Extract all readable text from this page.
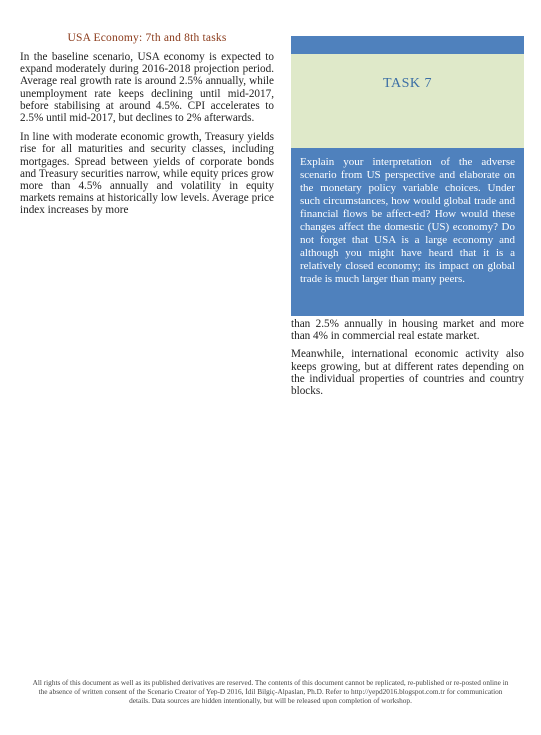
USA Economy: 7th and 8th tasks

In the baseline scenario, USA economy is expected to expand moderately during 2016-2018 projection period. Average real growth rate is around 2.5% annually, while unemployment rate keeps declining until mid-2017, before stabilising at around 4.5%. CPI accelerates to 2.5% until mid-2017, but declines to 2% afterwards.

In line with moderate economic growth, Treasury yields rise for all maturities and security classes, including mortgages. Spread between yields of corporate bonds and Treasury securities narrow, while equity prices grow more than 4.5% annually and volatility in equity markets remains at historically low levels. Average price index increases by more

TASK 7
Explain your interpretation of the adverse scenario from US perspective and elaborate on the monetary policy variable choices. Under such circumstances, how would global trade and financial flows be affect-ed? How would these changes affect the domestic (US) economy? Do not forget that USA is a large economy and although you might have heard that it is a relatively closed economy; its impact on global trade is much larger than many peers.

than 2.5% annually in housing market and more than 4% in commercial real estate market.

Meanwhile, international economic activity also keeps growing, but at different rates depending on the individual properties of countries and country blocks.

All rights of this document as well as its published derivatives are reserved. The contents of this document cannot be replicated, re-published or re-posted online in the absence of written consent of the Scenario Creator of Yep-D 2016, İdil Bilgiç-Alpaslan, Ph.D. Refer to http://yepd2016.blogspot.com.tr for communication details. Data sources are hidden intentionally, but will be released upon completion of workshop.
